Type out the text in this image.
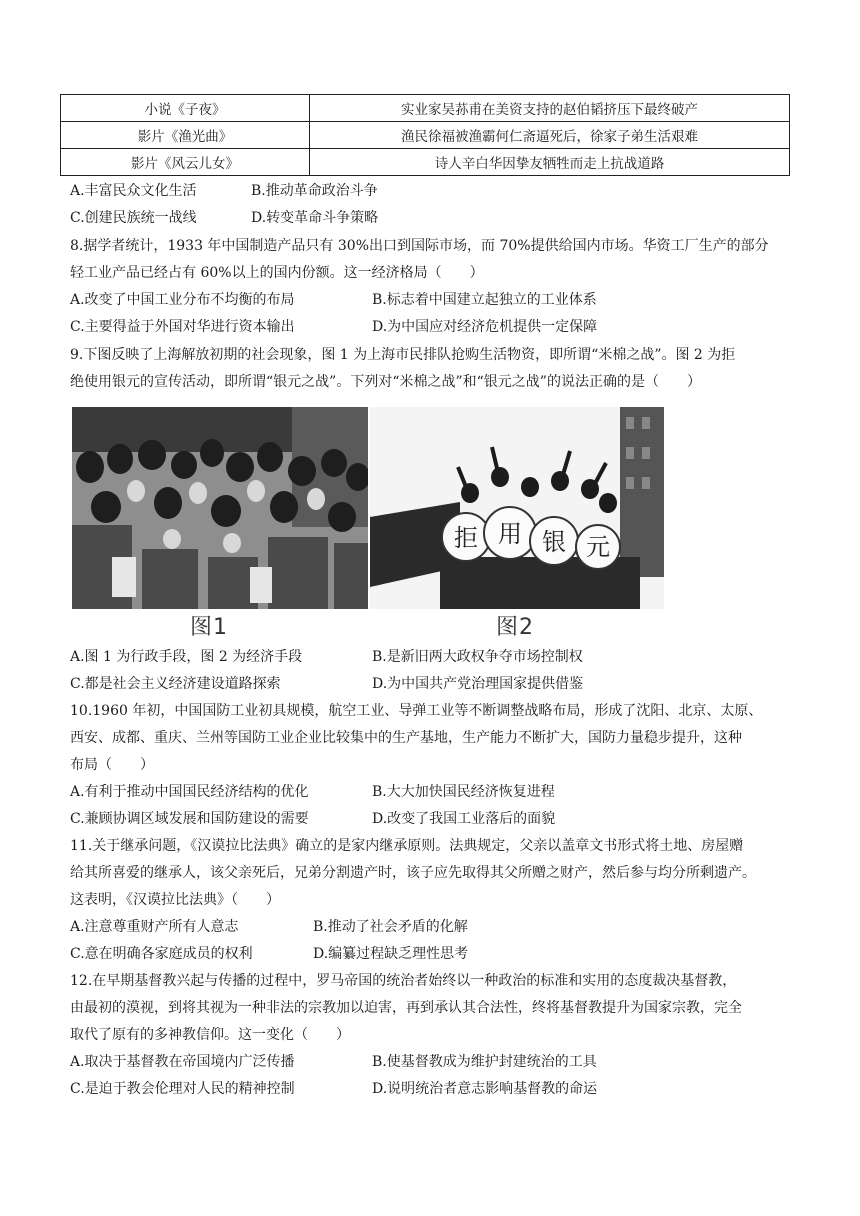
小说《子夜》	实业家吴荪甫在美资支持的赵伯韬挤压下最终破产
影片《渔光曲》	渔民徐福被渔霸何仁斋逼死后，徐家子弟生活艰难
影片《风云儿女》	诗人辛白华因挚友牺牲而走上抗战道路
A.丰富民众文化生活	B.推动革命政治斗争
C.创建民族统一战线	D.转变革命斗争策略
8.据学者统计，1933 年中国制造产品只有 30%出口到国际市场，而 70%提供给国内市场。华资工厂生产的部分
轻工业产品已经占有 60%以上的国内份额。这一经济格局（　　）
A.改变了中国工业分布不均衡的布局	B.标志着中国建立起独立的工业体系
C.主要得益于外国对华进行资本输出	D.为中国应对经济危机提供一定保障
9.下图反映了上海解放初期的社会现象，图 1 为上海市民排队抢购生活物资，即所谓“米棉之战”。图 2 为拒
绝使用银元的宣传活动，即所谓“银元之战”。下列对“米棉之战”和“银元之战”的说法正确的是（　　）
拒 用 银 元
图1	图2
A.图 1 为行政手段，图 2 为经济手段	B.是新旧两大政权争夺市场控制权
C.都是社会主义经济建设道路探索	D.为中国共产党治理国家提供借鉴
10.1960 年初，中国国防工业初具规模，航空工业、导弹工业等不断调整战略布局，形成了沈阳、北京、太原、
西安、成都、重庆、兰州等国防工业企业比较集中的生产基地，生产能力不断扩大，国防力量稳步提升，这种
布局（　　）
A.有利于推动中国国民经济结构的优化	B.大大加快国民经济恢复进程
C.兼顾协调区域发展和国防建设的需要	D.改变了我国工业落后的面貌
11.关于继承问题，《汉谟拉比法典》确立的是家内继承原则。法典规定，父亲以盖章文书形式将土地、房屋赠
给其所喜爱的继承人，该父亲死后，兄弟分割遗产时，该子应先取得其父所赠之财产，然后参与均分所剩遗产。
这表明，《汉谟拉比法典》（　　）
A.注意尊重财产所有人意志	B.推动了社会矛盾的化解
C.意在明确各家庭成员的权利	D.编纂过程缺乏理性思考
12.在早期基督教兴起与传播的过程中，罗马帝国的统治者始终以一种政治的标准和实用的态度裁决基督教，
由最初的漠视，到将其视为一种非法的宗教加以迫害，再到承认其合法性，终将基督教提升为国家宗教，完全
取代了原有的多神教信仰。这一变化（　　）
A.取决于基督教在帝国境内广泛传播	B.使基督教成为维护封建统治的工具
C.是迫于教会伦理对人民的精神控制	D.说明统治者意志影响基督教的命运
